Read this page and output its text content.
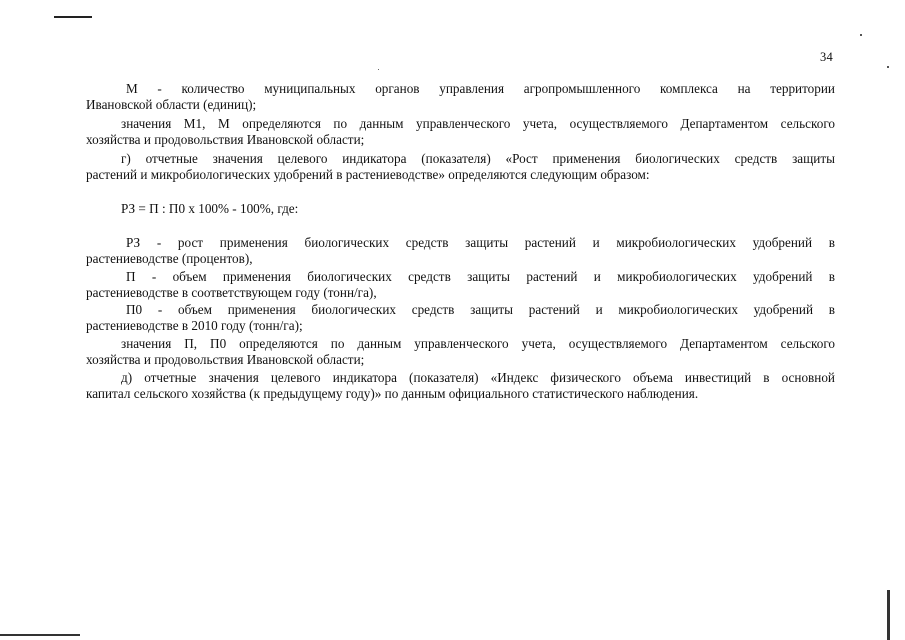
34
М - количество муниципальных органов управления агропромышленного комплекса на территории
Ивановской области (единиц);
значения М1, М определяются по данным управленческого учета, осуществляемого Департаментом сельского
хозяйства и продовольствия Ивановской области;
г) отчетные значения целевого индикатора (показателя) «Рост применения биологических средств защиты
растений и микробиологических удобрений в растениеводстве» определяются следующим образом:
РЗ = П : П0 х 100% - 100%, где:
РЗ - рост применения биологических средств защиты растений и микробиологических удобрений в
растениеводстве (процентов),
П - объем применения биологических средств защиты растений и микробиологических удобрений в
растениеводстве в соответствующем году (тонн/га),
П0 - объем применения биологических средств защиты растений и микробиологических удобрений в
растениеводстве в 2010 году (тонн/га);
значения П, П0 определяются по данным управленческого учета, осуществляемого Департаментом сельского
хозяйства и продовольствия Ивановской области;
д) отчетные значения целевого индикатора (показателя) «Индекс физического объема инвестиций в основной
капитал сельского хозяйства (к предыдущему году)» по данным официального статистического наблюдения.
